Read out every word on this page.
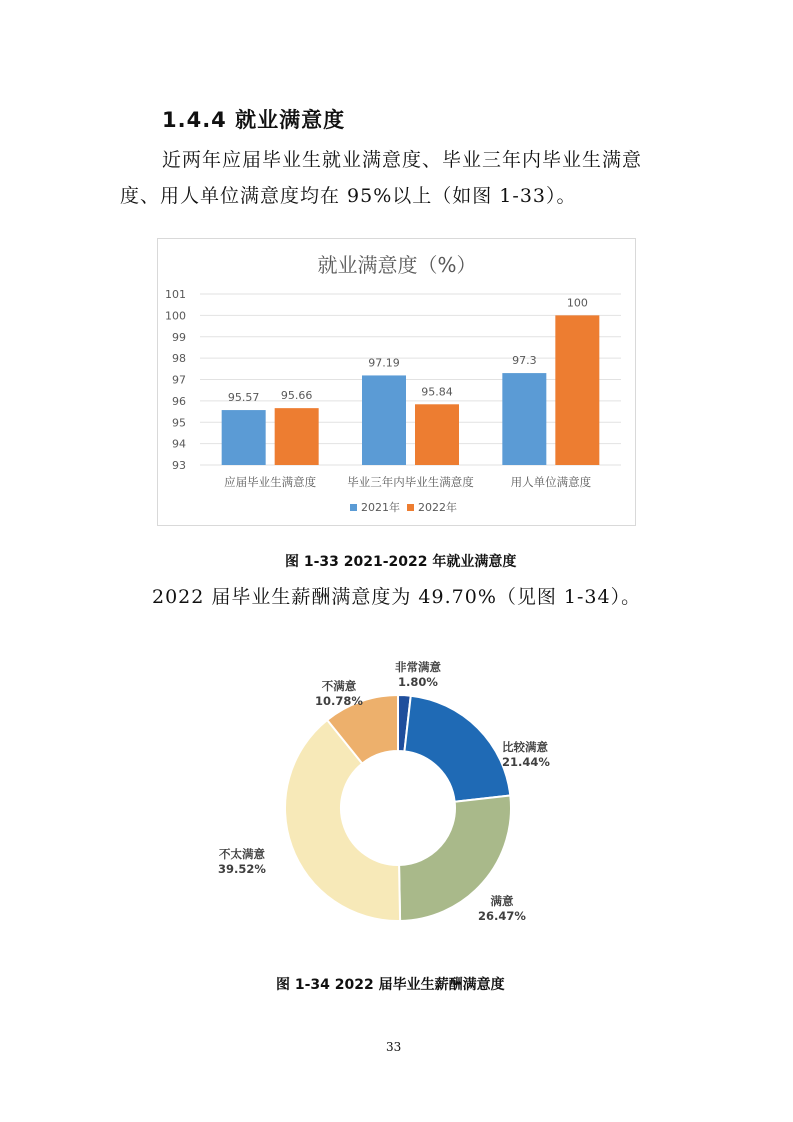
1.4.4 就业满意度
近两年应届毕业生就业满意度、毕业三年内毕业生满意
度、用人单位满意度均在 95%以上（如图 1-33）。
就业满意度（%）
93
94
95
96
97
98
99
100
101
95.57 95.66
应届毕业生满意度
97.19
95.84
毕业三年内毕业生满意度
97.3
100
用人单位满意度
2021年 2022年
图 1-33 2021-2022 年就业满意度
2022 届毕业生薪酬满意度为 49.70%（见图 1-34）。
非常满意
1.80%
比较满意
21.44%
满意
26.47%
不太满意
39.52%
不满意
10.78%
图 1-34 2022 届毕业生薪酬满意度
33
